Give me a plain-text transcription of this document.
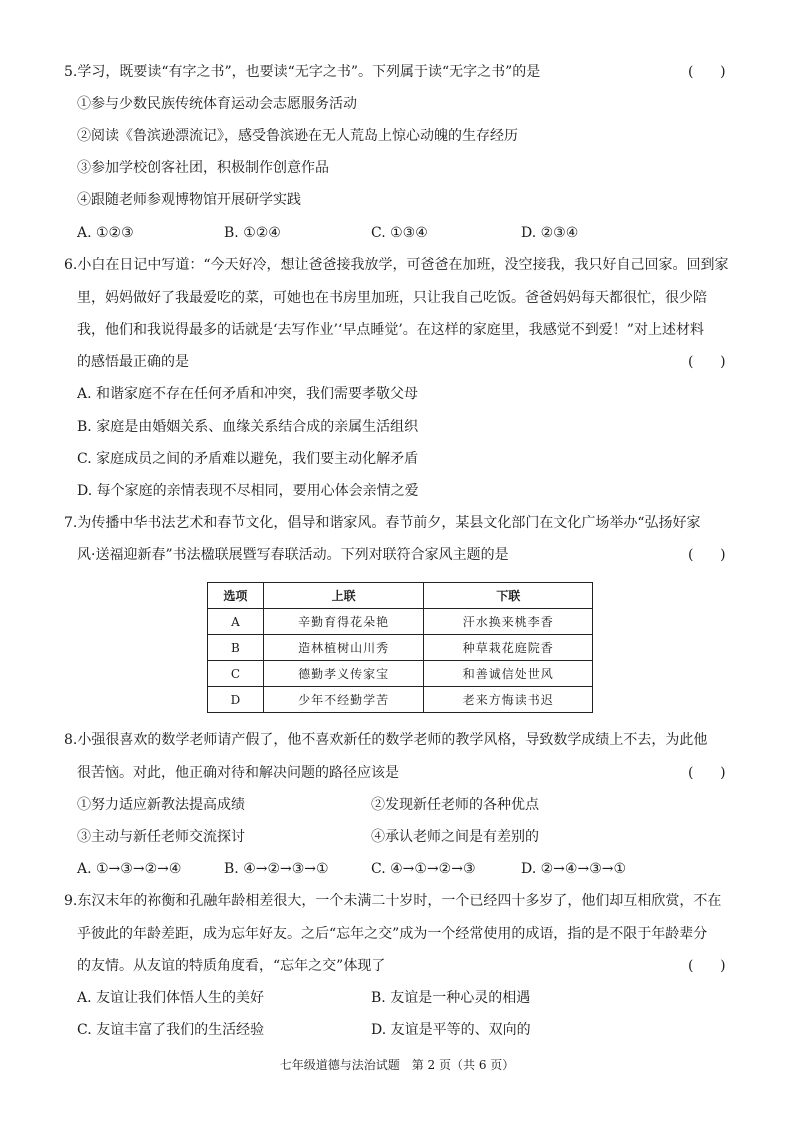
5.学习，既要读“有字之书”，也要读“无字之书”。下列属于读“无字之书”的是	(      )
①参与少数民族传统体育运动会志愿服务活动
②阅读《鲁滨逊漂流记》，感受鲁滨逊在无人荒岛上惊心动魄的生存经历
③参加学校创客社团，积极制作创意作品
④跟随老师参观博物馆开展研学实践
A. ①②③	B. ①②④	C. ①③④	D. ②③④
6.小白在日记中写道：“今天好冷，想让爸爸接我放学，可爸爸在加班，没空接我，我只好自己回家。回到家
里，妈妈做好了我最爱吃的菜，可她也在书房里加班，只让我自己吃饭。爸爸妈妈每天都很忙，很少陪
我，他们和我说得最多的话就是‘去写作业’‘早点睡觉’。在这样的家庭里，我感觉不到爱！”对上述材料
的感悟最正确的是	(      )
A. 和谐家庭不存在任何矛盾和冲突，我们需要孝敬父母
B. 家庭是由婚姻关系、血缘关系结合成的亲属生活组织
C. 家庭成员之间的矛盾难以避免，我们要主动化解矛盾
D. 每个家庭的亲情表现不尽相同，要用心体会亲情之爱
7.为传播中华书法艺术和春节文化，倡导和谐家风。春节前夕，某县文化部门在文化广场举办“弘扬好家
风·送福迎新春”书法楹联展暨写春联活动。下列对联符合家风主题的是	(      )
选项	上联	下联
A	辛勤育得花朵艳	汗水换来桃李香
B	造林植树山川秀	种草栽花庭院香
C	德勤孝义传家宝	和善诚信处世风
D	少年不经勤学苦	老来方悔读书迟
8.小强很喜欢的数学老师请产假了，他不喜欢新任的数学老师的教学风格，导致数学成绩上不去，为此他
很苦恼。对此，他正确对待和解决问题的路径应该是	(      )
①努力适应新教法提高成绩	②发现新任老师的各种优点
③主动与新任老师交流探讨	④承认老师之间是有差别的
A. ①→③→②→④	B. ④→②→③→①	C. ④→①→②→③	D. ②→④→③→①
9.东汉末年的祢衡和孔融年龄相差很大，一个未满二十岁时，一个已经四十多岁了，他们却互相欣赏，不在
乎彼此的年龄差距，成为忘年好友。之后“忘年之交”成为一个经常使用的成语，指的是不限于年龄辈分
的友情。从友谊的特质角度看，“忘年之交”体现了	(      )
A. 友谊让我们体悟人生的美好	B. 友谊是一种心灵的相遇
C. 友谊丰富了我们的生活经验	D. 友谊是平等的、双向的
七年级道德与法治试题　第 2 页（共 6 页）
